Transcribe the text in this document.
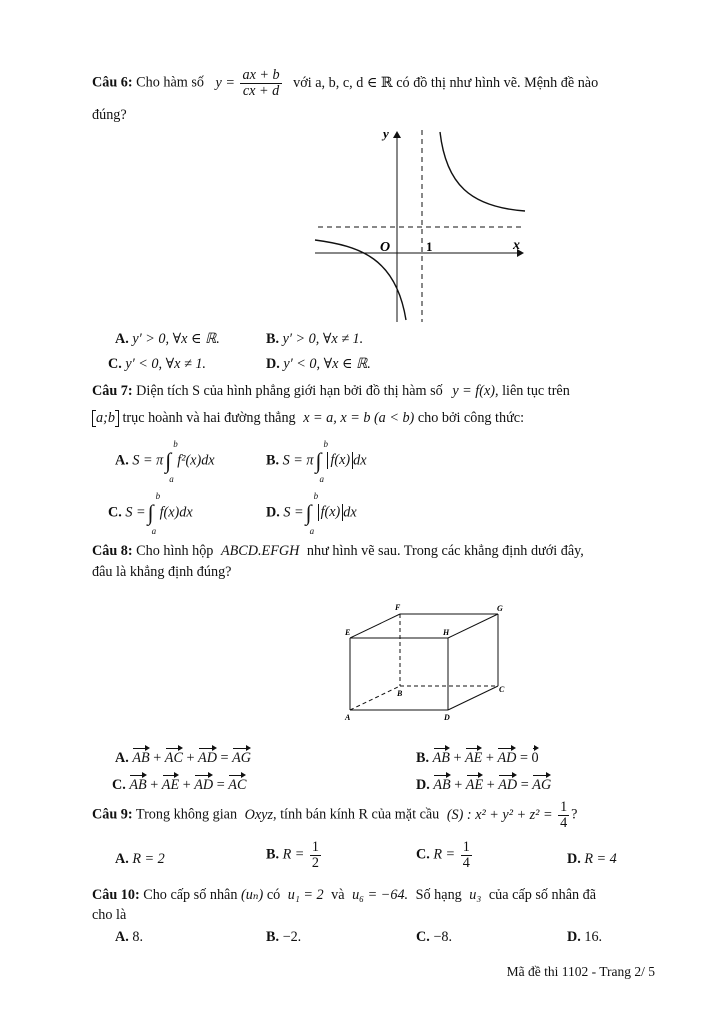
Câu 6: Cho hàm số $y = \frac{ax + b}{cx + d}$ với a, b, c, d ∈ ℝ có đồ thị như hình vẽ. Mệnh đề nào
đúng?
y
x
O	1
A. y′ > 0, ∀x ∈ ℝ.	B. y′ > 0, ∀x ≠ 1.
C. y′ < 0, ∀x ≠ 1.	D. y′ < 0, ∀x ∈ ℝ.
Câu 7: Diện tích S của hình phẳng giới hạn bởi đồ thị hàm số y = f(x), liên tục trên
a;b trục hoành và hai đường thẳng x = a, x = b (a < b) cho bởi công thức:
A. S = π∫
b
a
f²(x)dx	B. S = π∫
b
a
f(x) dx
C. S =∫
b
a
f(x)dx	D. S =∫
b
a
f(x) dx
Câu 8: Cho hình hộp ABCD.EFGH như hình vẽ sau. Trong các khẳng định dưới đây,
đâu là khẳng định đúng?
F	G
E	H
B	C
A	D
A. AB + AC + AD = AG	B. AB + AE + AD = 0
C. AB + AE + AD = AC	D. AB + AE + AD = AG
Câu 9: Trong không gian Oxyz, tính bán kính R của mặt cầu (S) : $x^2 + y^2 + z^2 = \frac{1}{4}$ ?
A. R = 2	B. $R = \frac{1}{2}$	C. $R = \frac{1}{4}$	D. R = 4
Câu 10: Cho cấp số nhân (uₙ) có u₁ = 2 và u₆ = −64. Số hạng u₃ của cấp số nhân đã
cho là
A. 8.	B. −2.	C. −8.	D. 16.
Mã đề thi 1102 - Trang 2/ 5
